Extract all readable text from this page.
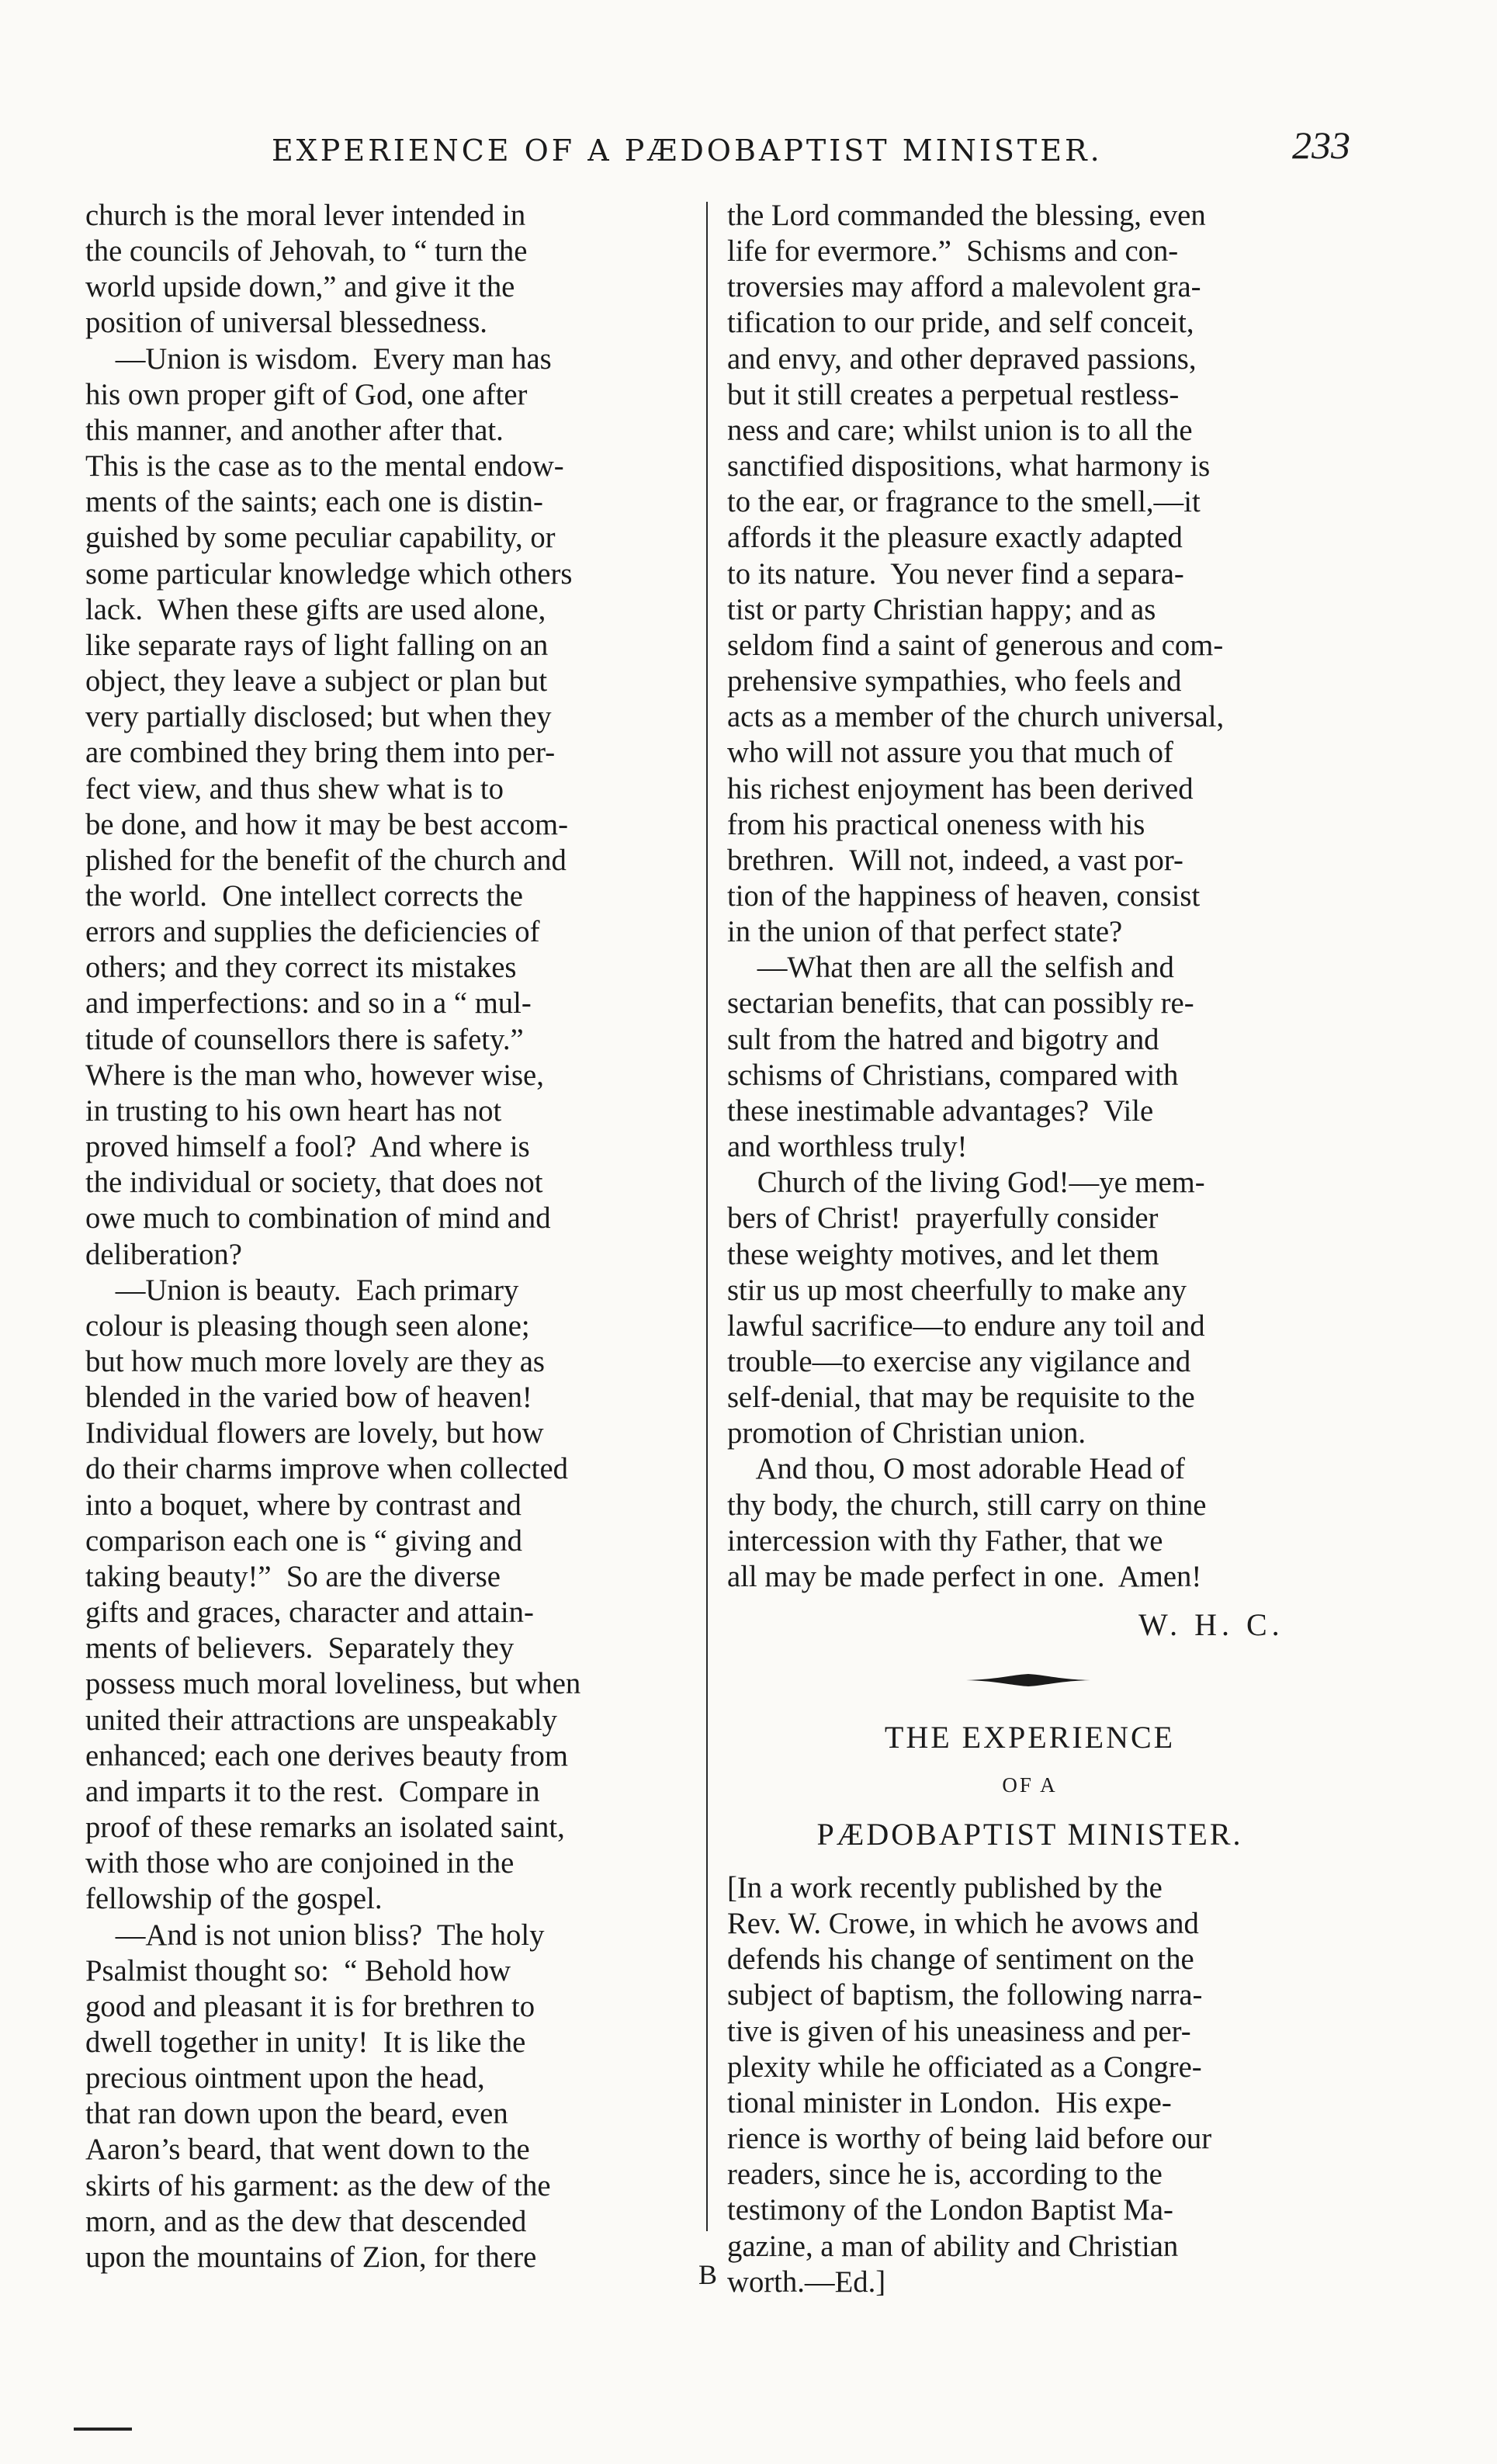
EXPERIENCE OF A PÆDOBAPTIST MINISTER.	233

church is the moral lever intended in
the councils of Jehovah, to “ turn the
world upside down,” and give it the
position of universal blessedness.

—Union is wisdom.  Every man has
his own proper gift of God, one after
this manner, and another after that.
This is the case as to the mental endow-
ments of the saints; each one is distin-
guished by some peculiar capability, or
some particular knowledge which others
lack.  When these gifts are used alone,
like separate rays of light falling on an
object, they leave a subject or plan but
very partially disclosed; but when they
are combined they bring them into per-
fect view, and thus shew what is to
be done, and how it may be best accom-
plished for the benefit of the church and
the world.  One intellect corrects the
errors and supplies the deficiencies of
others; and they correct its mistakes
and imperfections: and so in a “ mul-
titude of counsellors there is safety.”
Where is the man who, however wise,
in trusting to his own heart has not
proved himself a fool?  And where is
the individual or society, that does not
owe much to combination of mind and
deliberation?

—Union is beauty.  Each primary
colour is pleasing though seen alone;
but how much more lovely are they as
blended in the varied bow of heaven!
Individual flowers are lovely, but how
do their charms improve when collected
into a boquet, where by contrast and
comparison each one is “ giving and
taking beauty!”  So are the diverse
gifts and graces, character and attain-
ments of believers.  Separately they
possess much moral loveliness, but when
united their attractions are unspeakably
enhanced; each one derives beauty from
and imparts it to the rest.  Compare in
proof of these remarks an isolated saint,
with those who are conjoined in the
fellowship of the gospel.

—And is not union bliss?  The holy
Psalmist thought so:  “ Behold how
good and pleasant it is for brethren to
dwell together in unity!  It is like the
precious ointment upon the head,
that ran down upon the beard, even
Aaron’s beard, that went down to the
skirts of his garment: as the dew of the
morn, and as the dew that descended
upon the mountains of Zion, for there

the Lord commanded the blessing, even
life for evermore.”  Schisms and con-
troversies may afford a malevolent gra-
tification to our pride, and self conceit,
and envy, and other depraved passions,
but it still creates a perpetual restless-
ness and care; whilst union is to all the
sanctified dispositions, what harmony is
to the ear, or fragrance to the smell,—it
affords it the pleasure exactly adapted
to its nature.  You never find a separa-
tist or party Christian happy; and as
seldom find a saint of generous and com-
prehensive sympathies, who feels and
acts as a member of the church universal,
who will not assure you that much of
his richest enjoyment has been derived
from his practical oneness with his
brethren.  Will not, indeed, a vast por-
tion of the happiness of heaven, consist
in the union of that perfect state?

—What then are all the selfish and
sectarian benefits, that can possibly re-
sult from the hatred and bigotry and
schisms of Christians, compared with
these inestimable advantages?  Vile
and worthless truly!

Church of the living God!—ye mem-
bers of Christ!  prayerfully consider
these weighty motives, and let them
stir us up most cheerfully to make any
lawful sacrifice—to endure any toil and
trouble—to exercise any vigilance and
self-denial, that may be requisite to the
promotion of Christian union.

And thou, O most adorable Head of
thy body, the church, still carry on thine
intercession with thy Father, that we
all may be made perfect in one.  Amen!

W. H. C.
THE EXPERIENCE
OF A
PÆDOBAPTIST MINISTER.

[In a work recently published by the
Rev. W. Crowe, in which he avows and
defends his change of sentiment on the
subject of baptism, the following narra-
tive is given of his uneasiness and per-
plexity while he officiated as a Congre-
tional minister in London.  His expe-
rience is worthy of being laid before our
readers, since he is, according to the
testimony of the London Baptist Ma-
gazine, a man of ability and Christian
worth.—Ed.]

B
